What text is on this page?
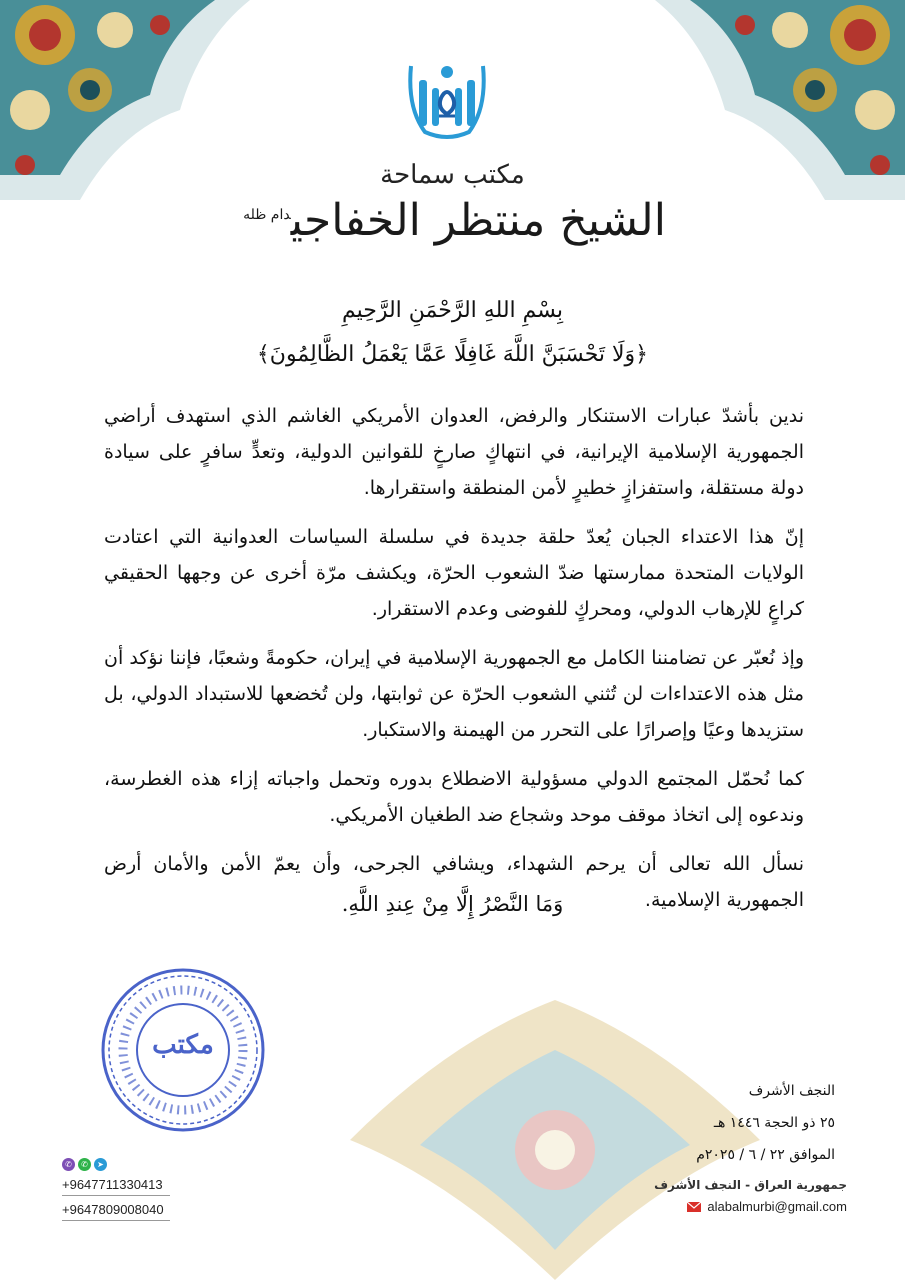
مكتب سماحة
الشيخ منتظر الخفاجي$^{دام ظله}$
بِسْمِ اللهِ الرَّحْمَنِ الرَّحِيمِ
﴿وَلَا تَحْسَبَنَّ اللَّهَ غَافِلًا عَمَّا يَعْمَلُ الظَّالِمُونَ﴾

ندين بأشدّ عبارات الاستنكار والرفض، العدوان الأمريكي الغاشم الذي استهدف أراضي الجمهورية الإسلامية الإيرانية، في انتهاكٍ صارخٍ للقوانين الدولية، وتعدٍّ سافرٍ على سيادة دولة مستقلة، واستفزازٍ خطيرٍ لأمن المنطقة واستقرارها.

إنّ هذا الاعتداء الجبان يُعدّ حلقة جديدة في سلسلة السياسات العدوانية التي اعتادت الولايات المتحدة ممارستها ضدّ الشعوب الحرّة، ويكشف مرّة أخرى عن وجهها الحقيقي كراعٍ للإرهاب الدولي، ومحركٍ للفوضى وعدم الاستقرار.

وإذ نُعبّر عن تضامننا الكامل مع الجمهورية الإسلامية في إيران، حكومةً وشعبًا، فإننا نؤكد أن مثل هذه الاعتداءات لن تُثني الشعوب الحرّة عن ثوابتها، ولن تُخضعها للاستبداد الدولي، بل ستزيدها وعيًا وإصرارًا على التحرر من الهيمنة والاستكبار.

كما نُحمّل المجتمع الدولي مسؤولية الاضطلاع بدوره وتحمل واجباته إزاء هذه الغطرسة، وندعوه إلى اتخاذ موقف موحد وشجاع ضد الطغيان الأمريكي.

نسأل الله تعالى أن يرحم الشهداء، ويشافي الجرحى، وأن يعمّ الأمن والأمان أرض الجمهورية الإسلامية.

وَمَا النَّصْرُ إِلَّا مِنْ عِندِ اللَّهِ.
مكتب
النجف الأشرف
٢٥ ذو الحجة ١٤٤٦ هـ
الموافق ٢٢ / ٦ / ٢٠٢٥م
✆	✆	➤
+9647711330413
+9647809008040
جمهورية العراق - النجف الأشرف
alabalmurbi@gmail.com
